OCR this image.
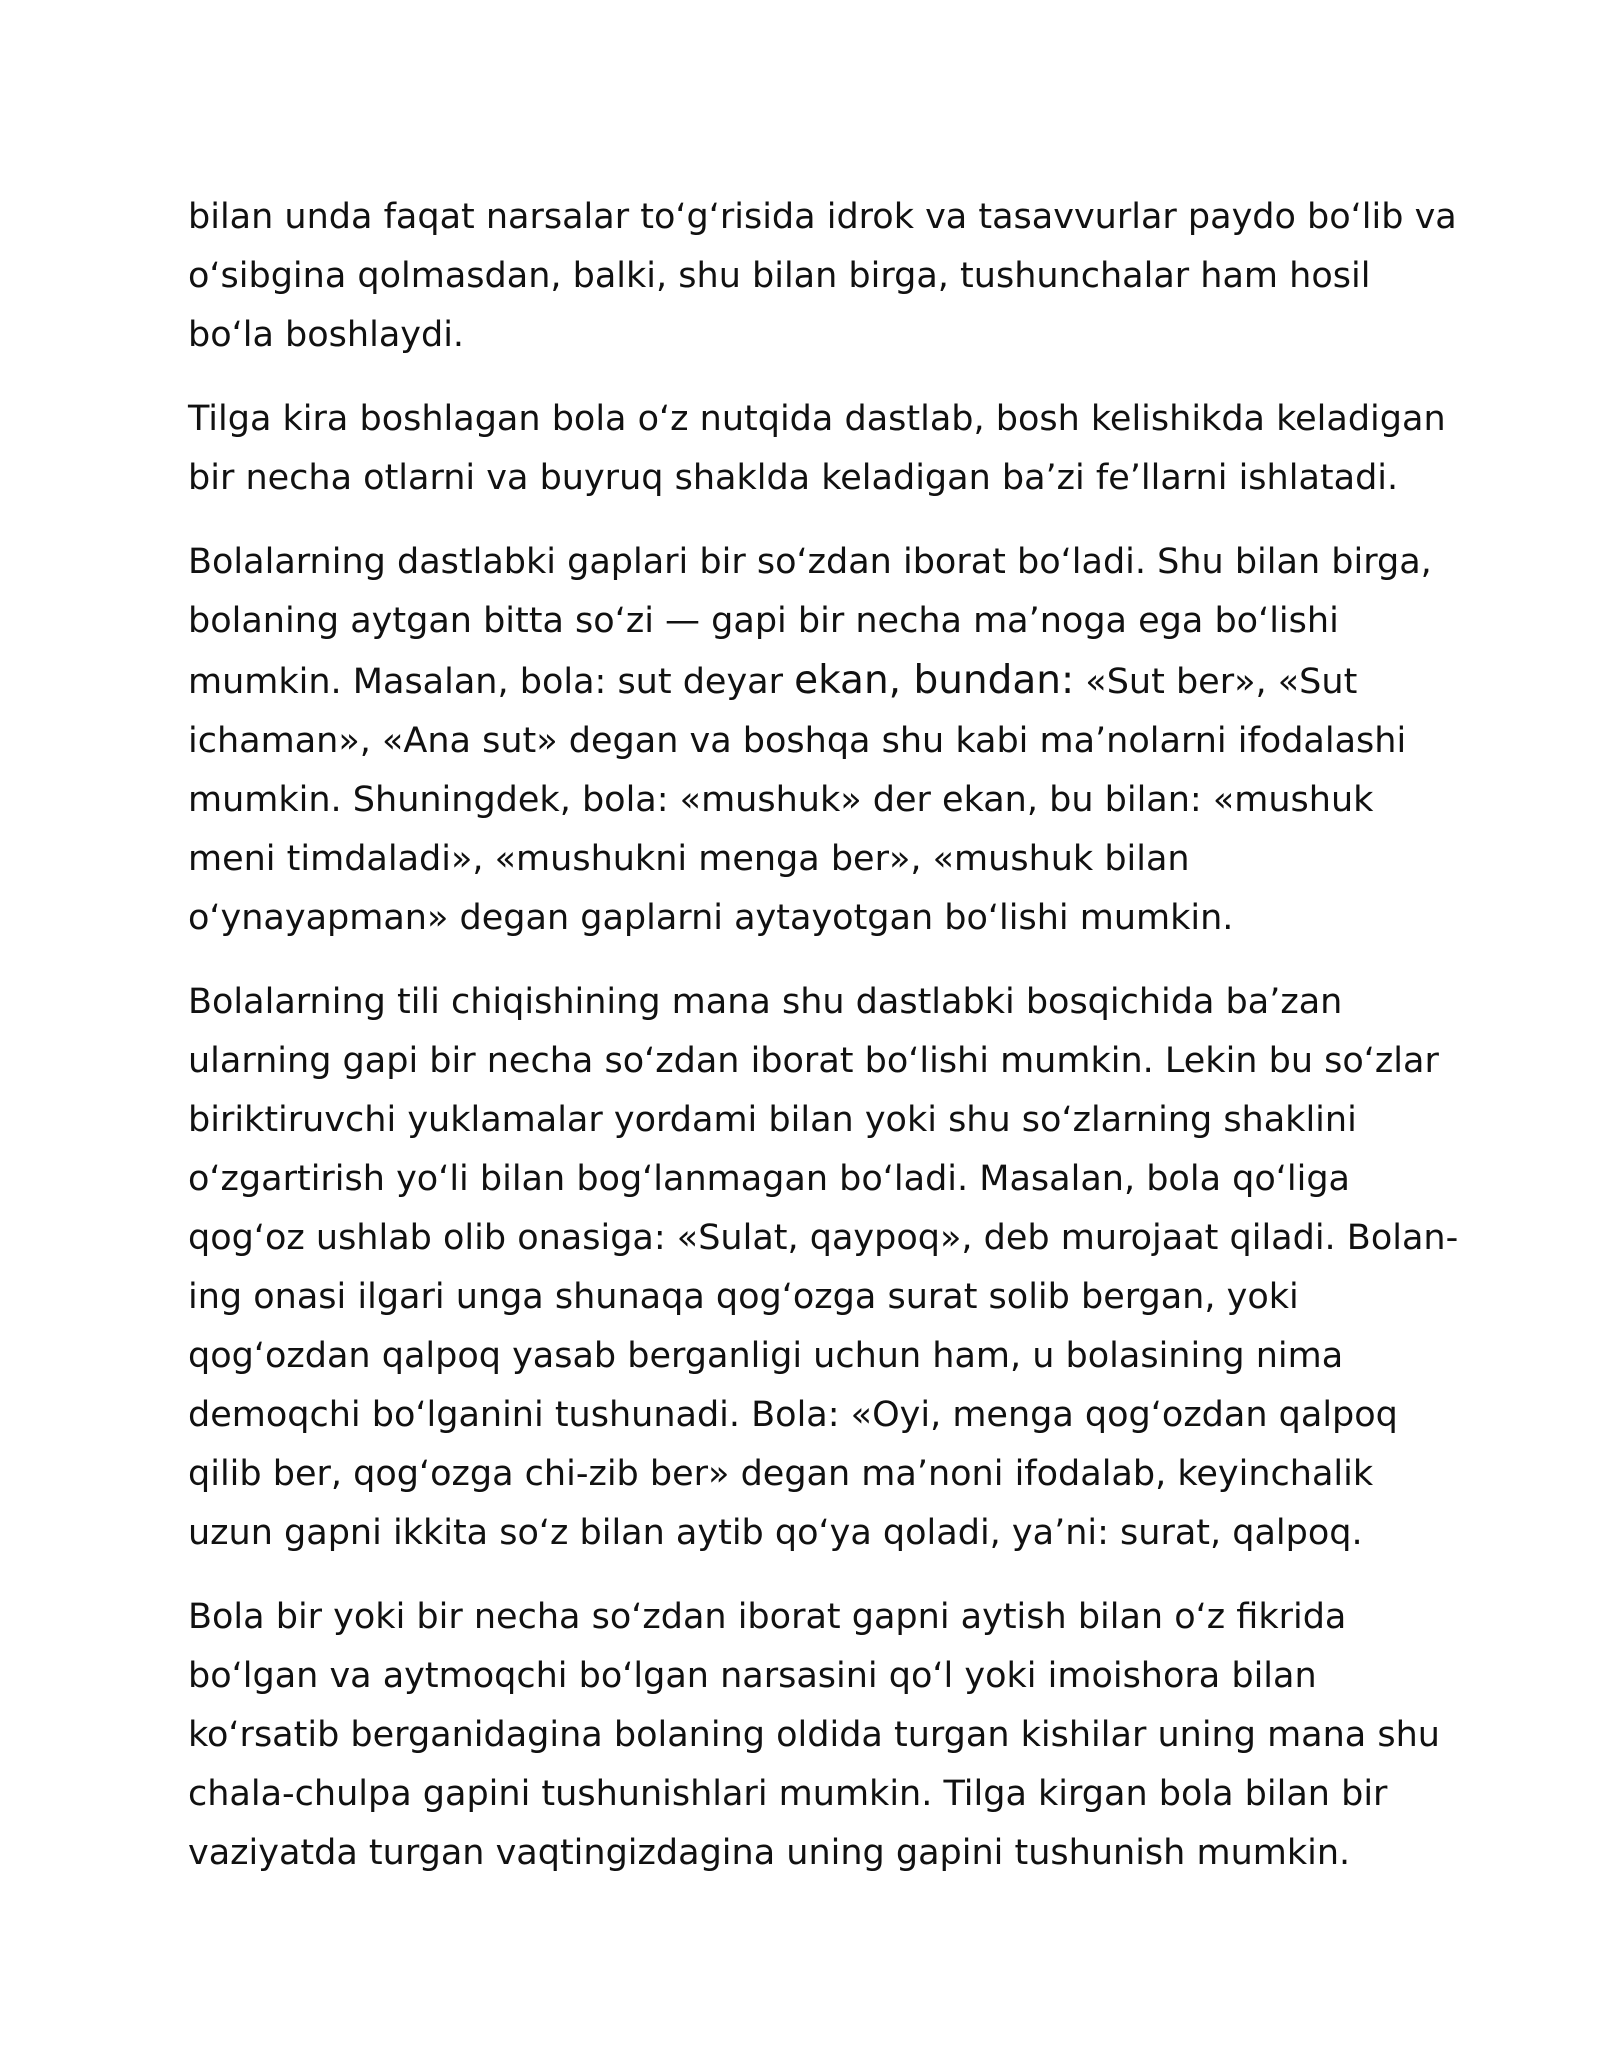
bilan unda faqat narsalar toʻgʻrisida idrok va tasavvurlar paydo boʻlib va
oʻsibgina qolmasdan, balki, shu bilan birga, tushunchalar ham hosil
boʻla boshlaydi.

Tilga kira boshlagan bola oʻz nutqida dastlab, bosh kelishikda keladigan
bir necha otlarni va buyruq shaklda keladigan baʼzi feʼllarni ishlatadi.

Bolalarning dastlabki gaplari bir soʻzdan iborat boʻladi. Shu bilan birga,
bolaning aytgan bitta soʻzi — gapi bir necha maʼnoga ega boʻlishi
mumkin. Masalan, bola: sut deyar ekan, bundan: «Sut ber», «Sut
ichaman», «Ana sut» degan va boshqa shu kabi maʼnolarni ifodalashi
mumkin. Shuningdek, bola: «mushuk» der ekan, bu bilan: «mushuk
meni timdaladi», «mushukni menga ber», «mushuk bilan
oʻynayapman» degan gaplarni aytayotgan boʻlishi mumkin.

Bolalarning tili chiqishining mana shu dastlabki bosqichida baʼzan
ularning gapi bir necha soʻzdan iborat boʻlishi mumkin. Lekin bu soʻzlar
biriktiruvchi yuklamalar yordami bilan yoki shu soʻzlarning shaklini
oʻzgartirish yoʻli bilan bogʻlanmagan boʻladi. Masalan, bola qoʻliga
qogʻoz ushlab olib onasiga: «Sulat, qaypoq», deb murojaat qiladi. Bolan-
ing onasi ilgari unga shunaqa qogʻozga surat solib bergan, yoki
qogʻozdan qalpoq yasab berganligi uchun ham, u bolasining nima
demoqchi boʻlganini tushunadi. Bola: «Oyi, menga qogʻozdan qalpoq
qilib ber, qogʻozga chi-zib ber» degan maʼnoni ifodalab, keyinchalik
uzun gapni ikkita soʻz bilan aytib qoʻya qoladi, yaʼni: surat, qalpoq.

Bola bir yoki bir necha soʻzdan iborat gapni aytish bilan oʻz fikrida
boʻlgan va aytmoqchi boʻlgan narsasini qoʻl yoki imoishora bilan
koʻrsatib berganidagina bolaning oldida turgan kishilar uning mana shu
chala-chulpa gapini tushunishlari mumkin. Tilga kirgan bola bilan bir
vaziyatda turgan vaqtingizdagina uning gapini tushunish mumkin.
